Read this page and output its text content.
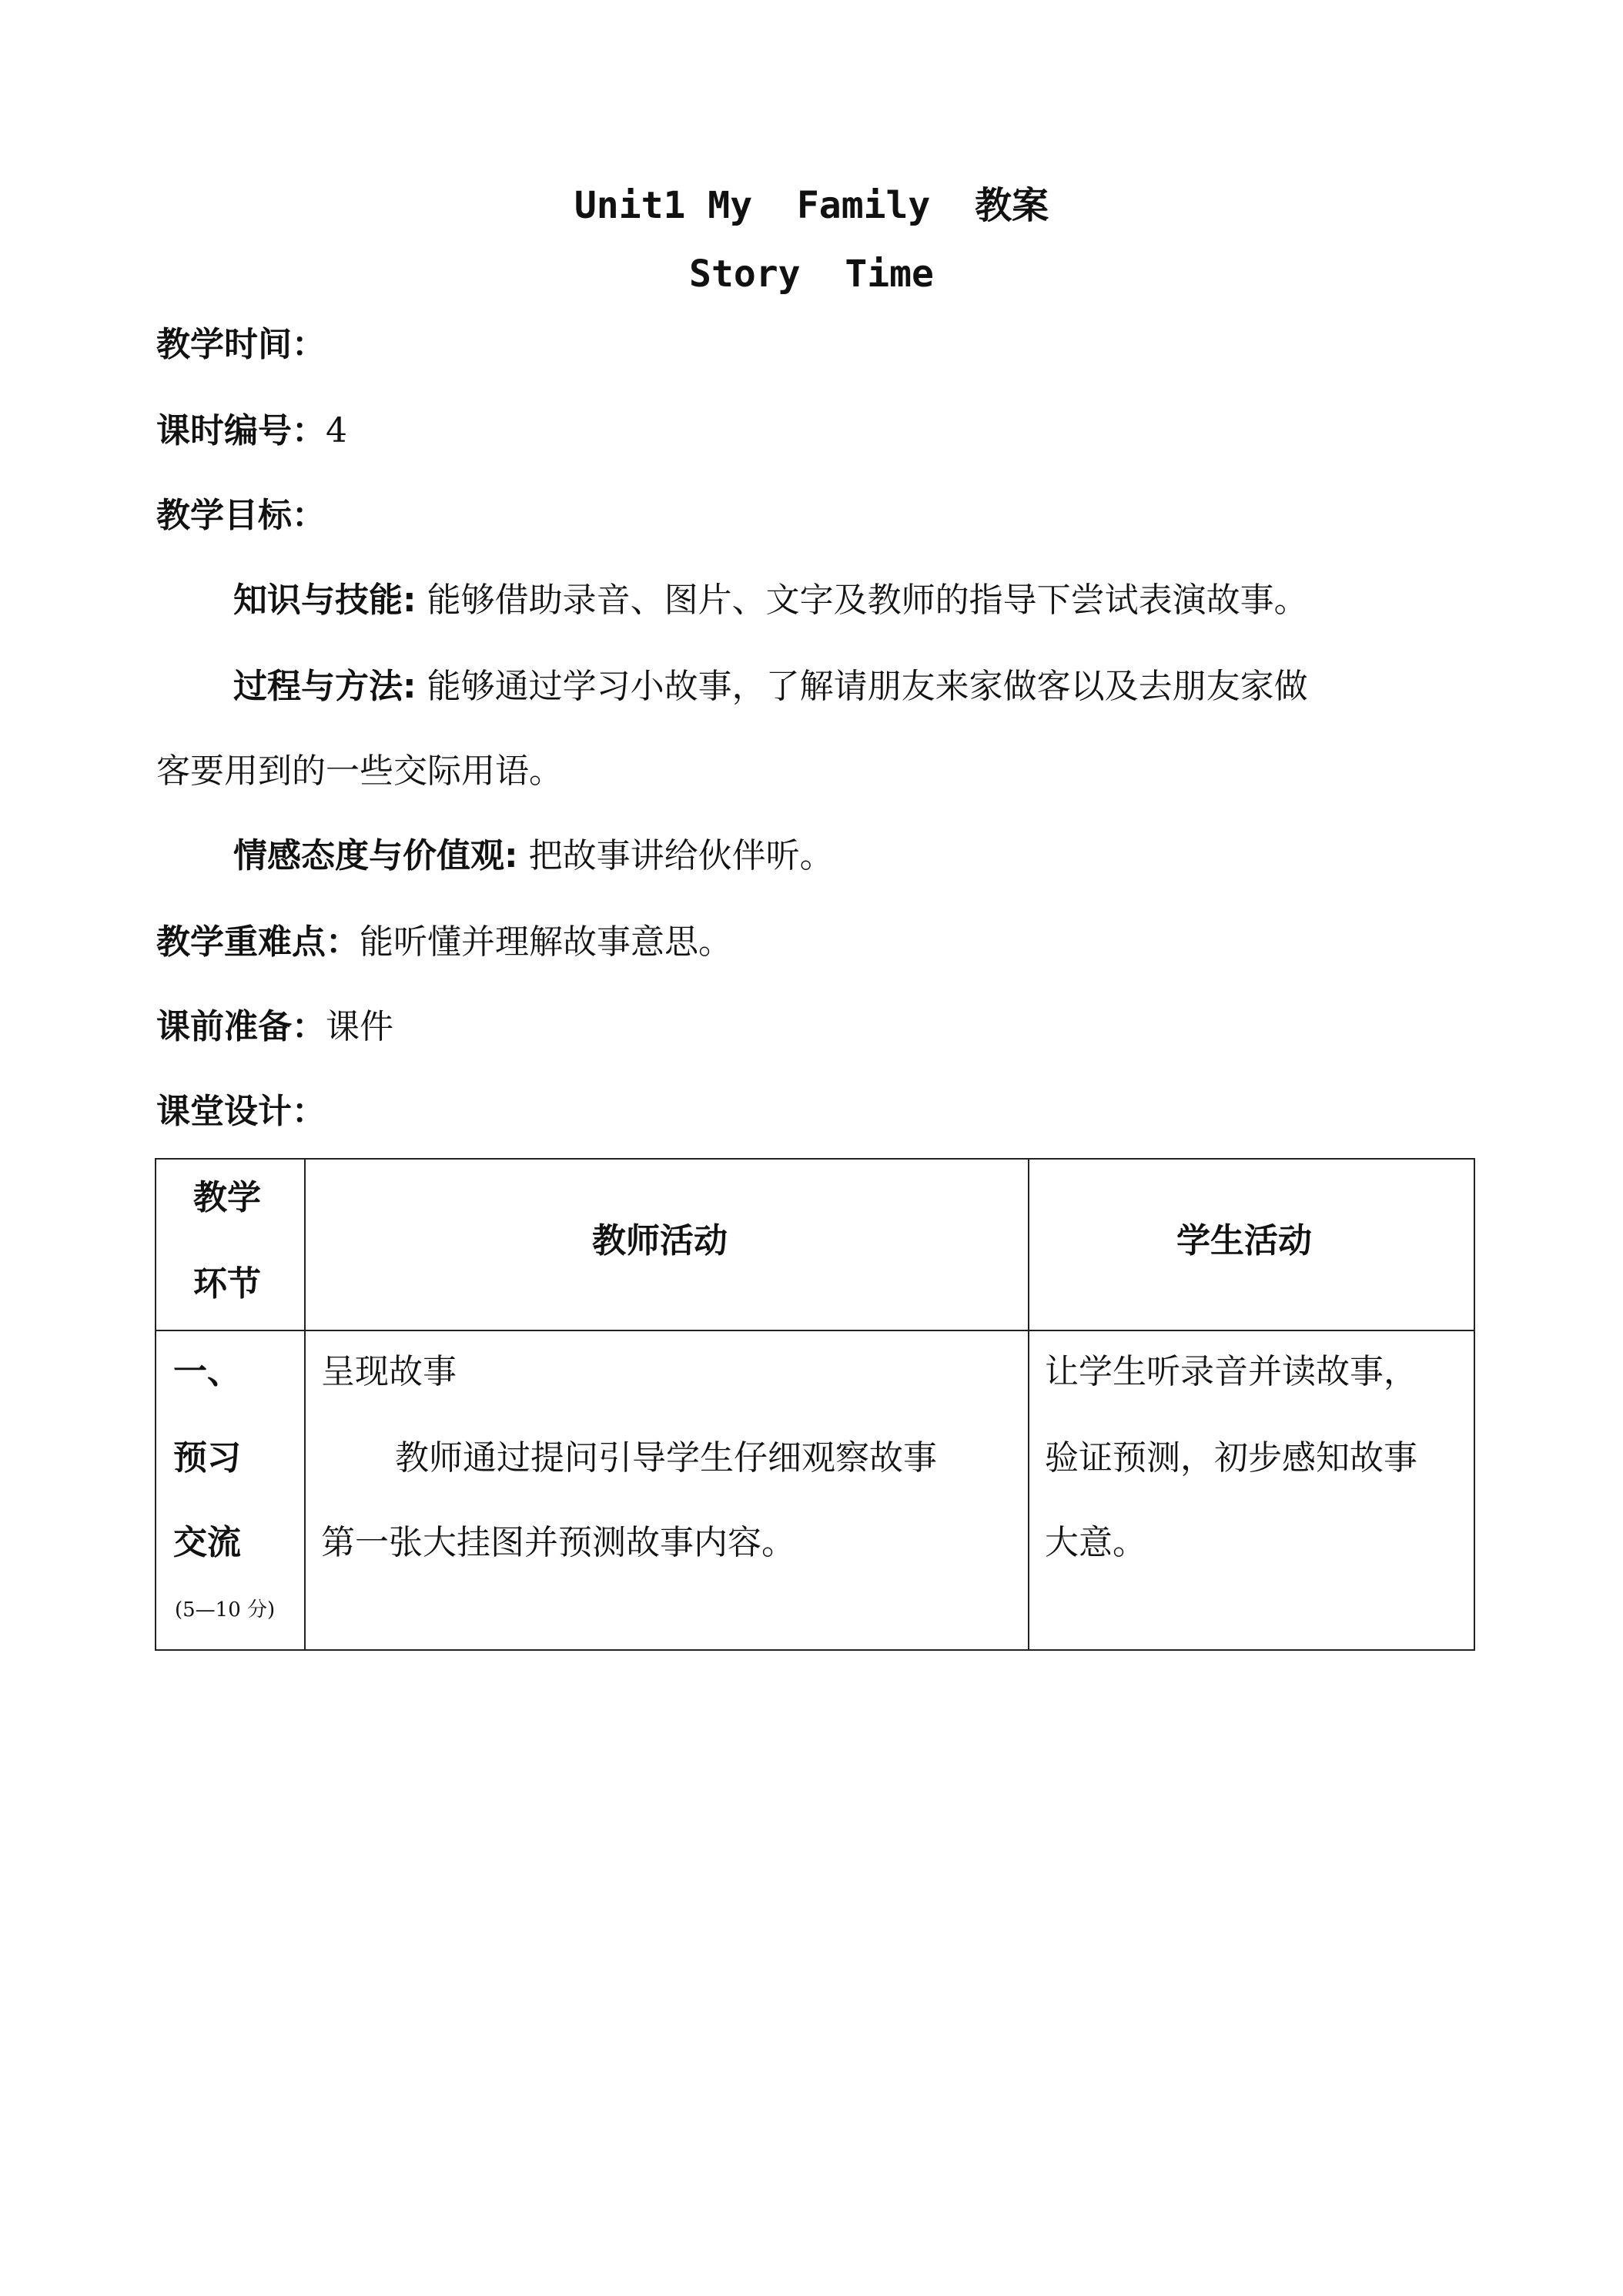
Unit1 My  Family  教案
Story  Time
教学时间：
课时编号：4
教学目标：
知识与技能: 能够借助录音、图片、文字及教师的指导下尝试表演故事。
过程与方法: 能够通过学习小故事，了解请朋友来家做客以及去朋友家做
客要用到的一些交际用语。
情感态度与价值观: 把故事讲给伙伴听。
教学重难点：能听懂并理解故事意思。
课前准备：课件
课堂设计：
教学
环节
教师活动	学生活动
一、
预习
交流
(5—10 分)
呈现故事
教师通过提问引导学生仔细观察故事
第一张大挂图并预测故事内容。
让学生听录音并读故事，
验证预测，初步感知故事
大意。
